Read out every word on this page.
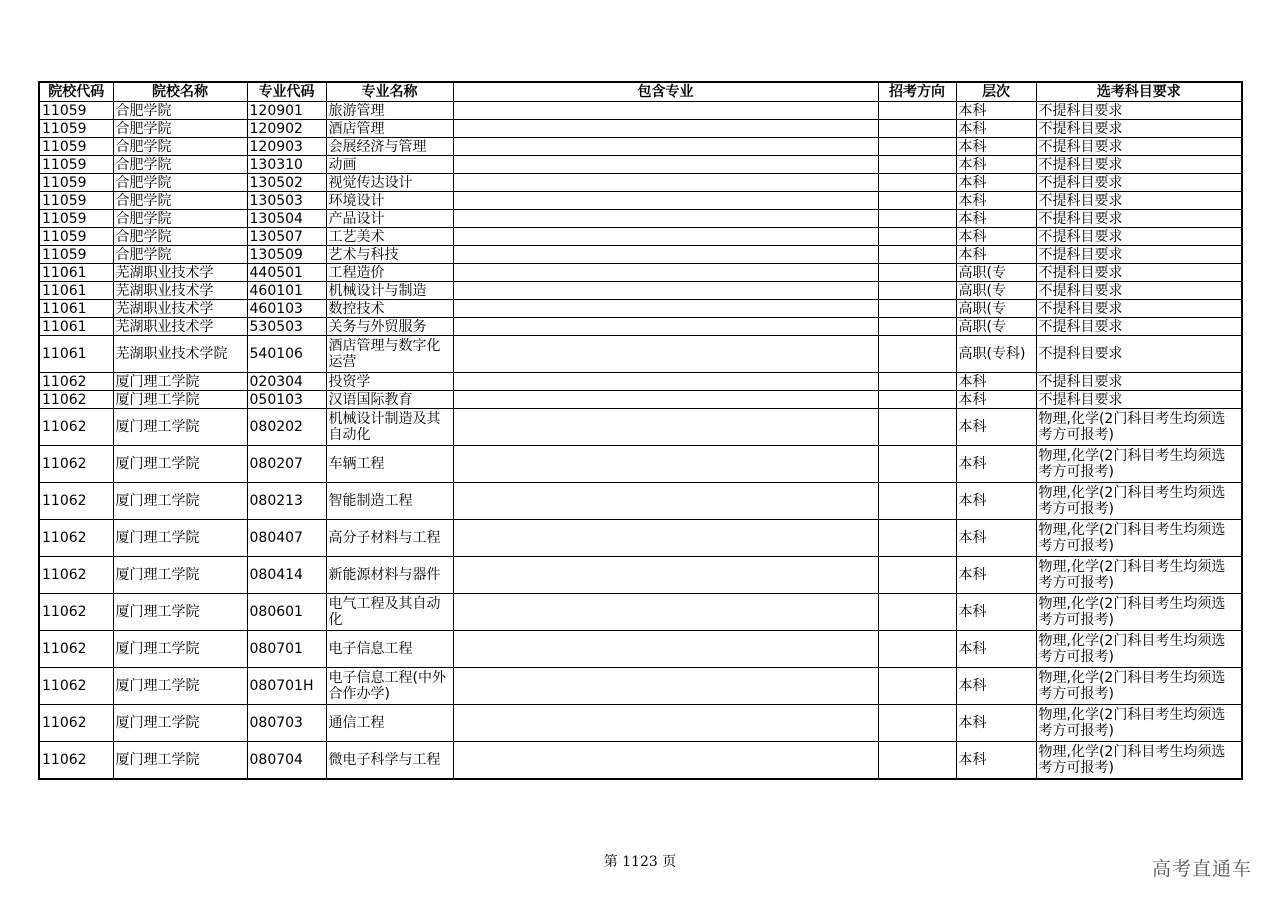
院校代码	院校名称	专业代码	专业名称	包含专业	招考方向	层次	选考科目要求
11059	合肥学院	120901	旅游管理			本科	不提科目要求
11059	合肥学院	120902	酒店管理			本科	不提科目要求
11059	合肥学院	120903	会展经济与管理			本科	不提科目要求
11059	合肥学院	130310	动画			本科	不提科目要求
11059	合肥学院	130502	视觉传达设计			本科	不提科目要求
11059	合肥学院	130503	环境设计			本科	不提科目要求
11059	合肥学院	130504	产品设计			本科	不提科目要求
11059	合肥学院	130507	工艺美术			本科	不提科目要求
11059	合肥学院	130509	艺术与科技			本科	不提科目要求
11061	芜湖职业技术学	440501	工程造价			高职(专	不提科目要求
11061	芜湖职业技术学	460101	机械设计与制造			高职(专	不提科目要求
11061	芜湖职业技术学	460103	数控技术			高职(专	不提科目要求
11061	芜湖职业技术学	530503	关务与外贸服务			高职(专	不提科目要求
11061	芜湖职业技术学院	540106	酒店管理与数字化运营			高职(专科)	不提科目要求
11062	厦门理工学院	020304	投资学			本科	不提科目要求
11062	厦门理工学院	050103	汉语国际教育			本科	不提科目要求
11062	厦门理工学院	080202	机械设计制造及其自动化			本科	物理,化学(2门科目考生均须选考方可报考)
11062	厦门理工学院	080207	车辆工程			本科	物理,化学(2门科目考生均须选考方可报考)
11062	厦门理工学院	080213	智能制造工程			本科	物理,化学(2门科目考生均须选考方可报考)
11062	厦门理工学院	080407	高分子材料与工程			本科	物理,化学(2门科目考生均须选考方可报考)
11062	厦门理工学院	080414	新能源材料与器件			本科	物理,化学(2门科目考生均须选考方可报考)
11062	厦门理工学院	080601	电气工程及其自动化			本科	物理,化学(2门科目考生均须选考方可报考)
11062	厦门理工学院	080701	电子信息工程			本科	物理,化学(2门科目考生均须选考方可报考)
11062	厦门理工学院	080701H	电子信息工程(中外合作办学)			本科	物理,化学(2门科目考生均须选考方可报考)
11062	厦门理工学院	080703	通信工程			本科	物理,化学(2门科目考生均须选考方可报考)
11062	厦门理工学院	080704	微电子科学与工程			本科	物理,化学(2门科目考生均须选考方可报考)
第 1123 页	高考直通车
